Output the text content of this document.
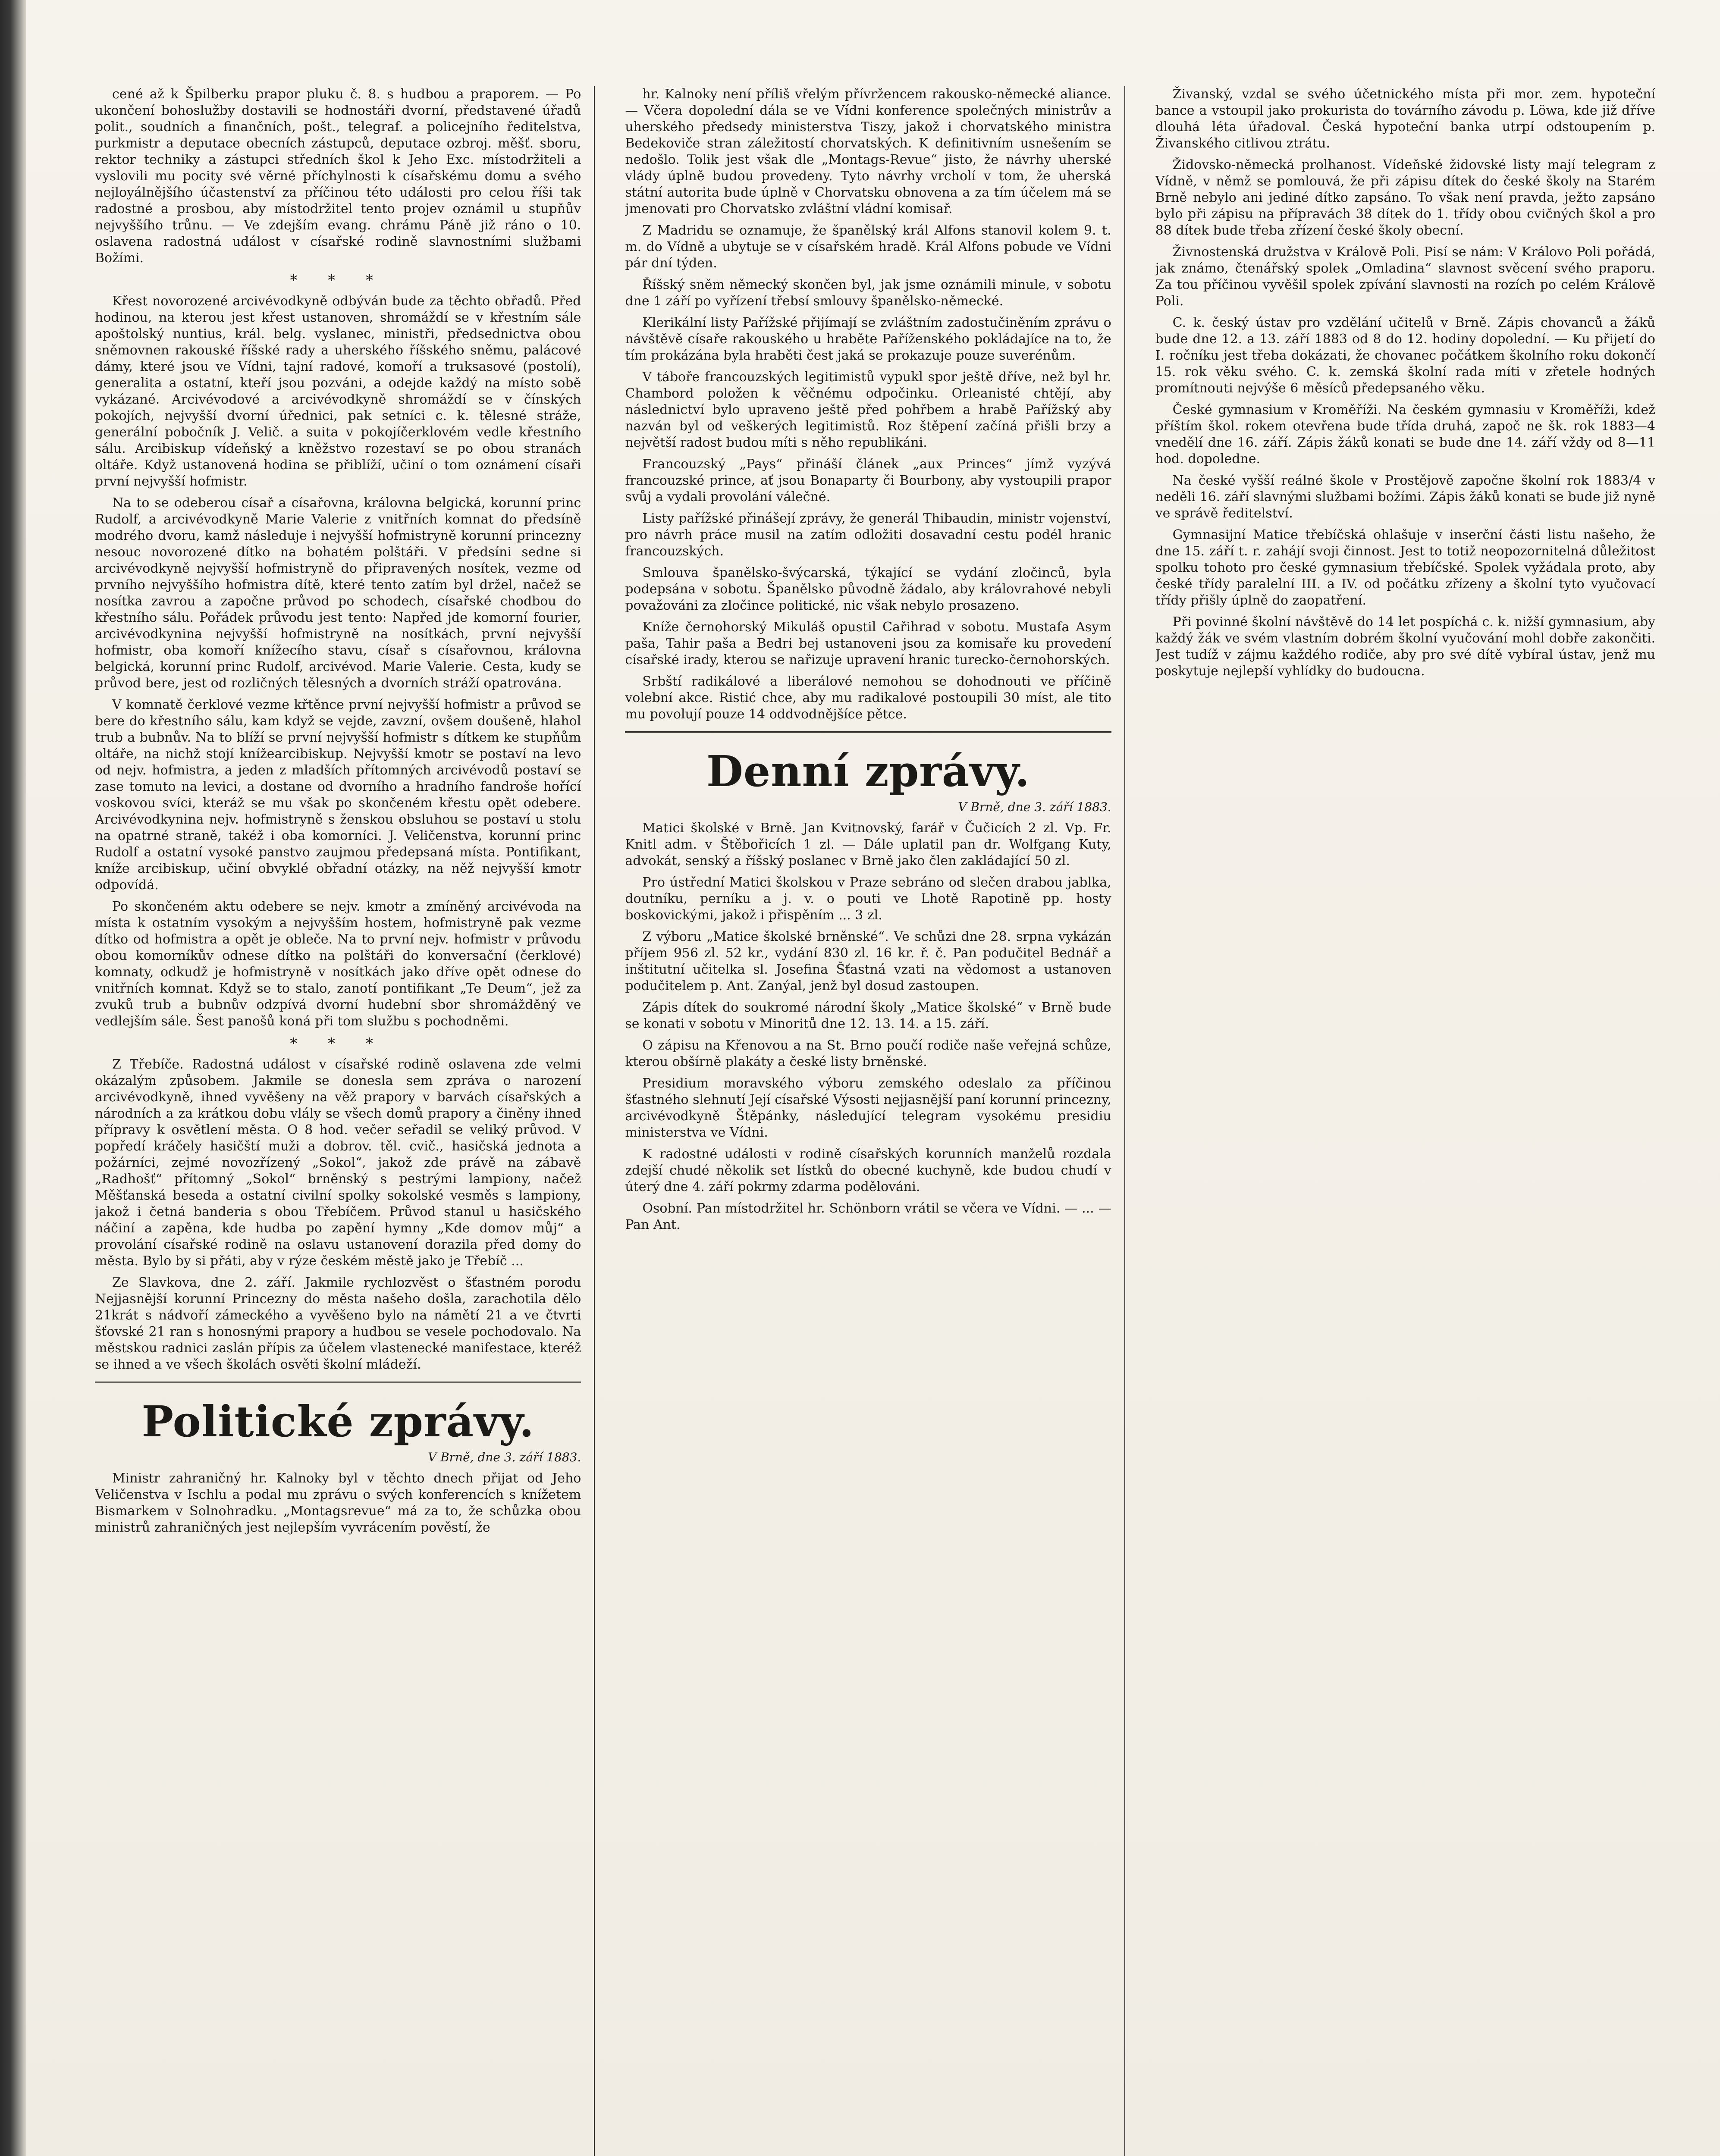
cené až k Špilberku prapor pluku č. 8. s hudbou a praporem. — Po ukončení bohoslužby dostavili se hodnostáři dvorní, představené úřadů polit., soudních a finančních, pošt., telegraf. a policejního ředitelstva, purkmistr a deputace obecních zástupců, deputace ozbroj. měšť. sboru, rektor techniky a zástupci středních škol k Jeho Exc. místodržiteli a vyslovili mu pocity své věrné příchylnosti k císařskému domu a svého nejloyálnějšího účastenství za příčinou této události pro celou říši tak radostné a prosbou, aby místodržitel tento projev oznámil u stupňův nejvyššího trůnu. — Ve zdejším evang. chrámu Páně již ráno o 10. oslavena radostná událost v císařské rodině slavnostními službami Božími.

* * *

Křest novorozené arcivévodkyně odbýván bude za těchto obřadů. Před hodinou, na kterou jest křest ustanoven, shromáždí se v křestním sále apoštolský nuntius, král. belg. vyslanec, ministři, předsednictva obou sněmovnen rakouské říšské rady a uherského říšského sněmu, palácové dámy, které jsou ve Vídni, tajní radové, komoří a truksasové (postolí), generalita a ostatní, kteří jsou pozváni, a odejde každý na místo sobě vykázané. Arcivévodové a arcivévodkyně shromáždí se v čínských pokojích, nejvyšší dvorní úřednici, pak setníci c. k. tělesné stráže, generální pobočník J. Velič. a suita v pokojíčerklovém vedle křestního sálu. Arcibiskup vídeňský a kněžstvo rozestaví se po obou stranách oltáře. Když ustanovená hodina se přiblíží, učiní o tom oznámení císaři první nejvyšší hofmistr.

Na to se odeberou císař a císařovna, královna belgická, korunní princ Rudolf, a arcivévodkyně Marie Valerie z vnitřních komnat do předsíně modrého dvoru, kamž následuje i nejvyšší hofmistryně korunní princezny nesouc novorozené dítko na bohatém polštáři. V předsíni sedne si arcivévodkyně nejvyšší hofmistryně do připravených nosítek, vezme od prvního nejvyššího hofmistra dítě, které tento zatím byl držel, načež se nosítka zavrou a započne průvod po schodech, císařské chodbou do křestního sálu. Pořádek průvodu jest tento: Napřed jde komorní fourier, arcivévodkynina nejvyšší hofmistryně na nosítkách, první nejvyšší hofmistr, oba komoří knížecího stavu, císař s císařovnou, královna belgická, korunní princ Rudolf, arcivévod. Marie Valerie. Cesta, kudy se průvod bere, jest od rozličných tělesných a dvorních stráží opatrována.

V komnatě čerklové vezme křtěnce první nejvyšší hofmistr a průvod se bere do křestního sálu, kam když se vejde, zavzní, ovšem doušeně, hlahol trub a bubnův. Na to blíží se první nejvyšší hofmistr s dítkem ke stupňům oltáře, na nichž stojí knížearcibiskup. Nejvyšší kmotr se postaví na levo od nejv. hofmistra, a jeden z mladších přítomných arcivévodů postaví se zase tomuto na levici, a dostane od dvorního a hradního fandroše hořící voskovou svíci, kteráž se mu však po skončeném křestu opět odebere. Arcivévodkynina nejv. hofmistryně s ženskou obsluhou se postaví u stolu na opatrné straně, takéž i oba komorníci. J. Veličenstva, korunní princ Rudolf a ostatní vysoké panstvo zaujmou předepsaná místa. Pontifikant, kníže arcibiskup, učiní obvyklé obřadní otázky, na něž nejvyšší kmotr odpovídá.

Po skončeném aktu odebere se nejv. kmotr a zmíněný arcivévoda na místa k ostatním vysokým a nejvyšším hostem, hofmistryně pak vezme dítko od hofmistra a opět je obleče. Na to první nejv. hofmistr v průvodu obou komorníkův odnese dítko na polštáři do konversační (čerklové) komnaty, odkudž je hofmistryně v nosítkách jako dříve opět odnese do vnitřních komnat. Když se to stalo, zanotí pontifikant „Te Deum“, jež za zvuků trub a bubnův odzpívá dvorní hudební sbor shromážděný ve vedlejším sále. Šest panošů koná při tom službu s pochodněmi.

* * *

Z Třebíče. Radostná událost v císařské rodině oslavena zde velmi okázalým způsobem. Jakmile se donesla sem zpráva o narození arcivévodkyně, ihned vyvěšeny na věž prapory v barvách císařských a národních a za krátkou dobu vlály se všech domů prapory a činěny ihned přípravy k osvětlení města. O 8 hod. večer seřadil se veliký průvod. V popředí kráčely hasičští muži a dobrov. těl. cvič., hasičská jednota a požárníci, zejmé novozřízený „Sokol“, jakož zde právě na zábavě „Radhošť“ přítomný „Sokol“ brněnský s pestrými lampiony, načež Měšťanská beseda a ostatní civilní spolky sokolské vesměs s lampiony, jakož i četná banderia s obou Třebíčem. Průvod stanul u hasičského náčiní a zapěna, kde hudba po zapění hymny „Kde domov můj“ a provolání císařské rodině na oslavu ustanovení dorazila před domy do města. Bylo by si přáti, aby v rýze českém městě jako je Třebíč ...

Ze Slavkova, dne 2. září. Jakmile rychlozvěst o šťastném porodu Nejjasnější korunní Princezny do města našeho došla, zarachotila dělo 21krát s nádvoří zámeckého a vyvěšeno bylo na námětí 21 a ve čtvrti šťovské 21 ran s honosnými prapory a hudbou se vesele pochodovalo. Na městskou radnici zaslán přípis za účelem vlastenecké manifestace, kteréž se ihned a ve všech školách osvěti školní mládeží.

Politické zprávy.
V Brně, dne 3. září 1883.

Ministr zahraničný hr. Kalnoky byl v těchto dnech přijat od Jeho Veličenstva v Ischlu a podal mu zprávu o svých konferencích s knížetem Bismarkem v Solnohradku. „Montagsrevue“ má za to, že schůzka obou ministrů zahraničných jest nejlepším vyvrácením pověstí, že

hr. Kalnoky není příliš vřelým přívržencem rakousko-německé aliance. — Včera dopolední dála se ve Vídni konference společných ministrův a uherského předsedy ministerstva Tiszy, jakož i chorvatského ministra Bedekoviče stran záležitostí chorvatských. K definitivním usnešením se nedošlo. Tolik jest však dle „Montags-Revue“ jisto, že návrhy uherské vlády úplně budou provedeny. Tyto návrhy vrcholí v tom, že uherská státní autorita bude úplně v Chorvatsku obnovena a za tím účelem má se jmenovati pro Chorvatsko zvláštní vládní komisař.

Z Madridu se oznamuje, že španělský král Alfons stanovil kolem 9. t. m. do Vídně a ubytuje se v císařském hradě. Král Alfons pobude ve Vídni pár dní týden.

Říšský sněm německý skončen byl, jak jsme oznámili minule, v sobotu dne 1 září po vyřízení třebsí smlouvy španělsko-německé.

Klerikální listy Pařížské přijímají se zvláštním zadostučiněním zprávu o návštěvě císaře rakouského u hraběte Paříženského pokládajíce na to, že tím prokázána byla hraběti čest jaká se prokazuje pouze suverénům.

V táboře francouzských legitimistů vypukl spor ještě dříve, než byl hr. Chambord položen k věčnému odpočinku. Orleanisté chtějí, aby následnictví bylo upraveno ještě před pohřbem a hrabě Pařížský aby nazván byl od veškerých legitimistů. Roz štěpení začíná přišli brzy a největší radost budou míti s něho republikáni.

Francouzský „Pays“ přináší článek „aux Princes“ jímž vyzývá francouzské prince, ať jsou Bonaparty či Bourbony, aby vystoupili prapor svůj a vydali provolání válečné.

Listy pařížské přinášejí zprávy, že generál Thibaudin, ministr vojenství, pro návrh práce musil na zatím odložiti dosavadní cestu podél hranic francouzských.

Smlouva španělsko-švýcarská, týkající se vydání zločinců, byla podepsána v sobotu. Španělsko původně žádalo, aby královrahové nebyli považováni za zločince politické, nic však nebylo prosazeno.

Kníže černohorský Mikuláš opustil Cařihrad v sobotu. Mustafa Asym paša, Tahir paša a Bedri bej ustanoveni jsou za komisaře ku provedení císařské irady, kterou se nařizuje upravení hranic turecko-černohorských.

Srbští radikálové a liberálové nemohou se dohodnouti ve příčině volební akce. Ristić chce, aby mu radikalové postoupili 30 míst, ale tito mu povolují pouze 14 oddvodnějšíce pětce.

Denní zprávy.
V Brně, dne 3. září 1883.

Matici školské v Brně. Jan Kvitnovský, farář v Čučicích 2 zl. Vp. Fr. Knitl adm. v Štěbořicích 1 zl. — Dále uplatil pan dr. Wolfgang Kuty, advokát, senský a říšský poslanec v Brně jako člen zakládající 50 zl.

Pro ústřední Matici školskou v Praze sebráno od slečen drabou jablka, doutníku, perníku a j. v. o pouti ve Lhotě Rapotině pp. hosty boskovickými, jakož i přispěním ... 3 zl.

Z výboru „Matice školské brněnské“. Ve schůzi dne 28. srpna vykázán příjem 956 zl. 52 kr., vydání 830 zl. 16 kr. ř. č. Pan podučitel Bednář a inštitutní učitelka sl. Josefina Šťastná vzati na vědomost a ustanoven podučitelem p. Ant. Zanýal, jenž byl dosud zastoupen.

Zápis dítek do soukromé národní školy „Matice školské“ v Brně bude se konati v sobotu v Minoritů dne 12. 13. 14. a 15. září.

O zápisu na Křenovou a na St. Brno poučí rodiče naše veřejná schůze, kterou obšírně plakáty a české listy brněnské.

Presidium moravského výboru zemského odeslalo za příčinou šťastného slehnutí Její císařské Výsosti nejjasnější paní korunní princezny, arcivévodkyně Štěpánky, následující telegram vysokému presidiu ministerstva ve Vídni.

K radostné události v rodině císařských korunních manželů rozdala zdejší chudé několik set lístků do obecné kuchyně, kde budou chudí v úterý dne 4. září pokrmy zdarma podělováni.

Osobní. Pan místodržitel hr. Schönborn vrátil se včera ve Vídni. — ... — Pan Ant.

Živanský, vzdal se svého účetnického místa při mor. zem. hypoteční bance a vstoupil jako prokurista do továrního závodu p. Löwa, kde již dříve dlouhá léta úřadoval. Česká hypoteční banka utrpí odstoupením p. Živanského citlivou ztrátu.

Židovsko-německá prolhanost. Vídeňské židovské listy mají telegram z Vídně, v němž se pomlouvá, že při zápisu dítek do české školy na Starém Brně nebylo ani jediné dítko zapsáno. To však není pravda, ježto zapsáno bylo při zápisu na přípravách 38 dítek do 1. třídy obou cvičných škol a pro 88 dítek bude třeba zřízení české školy obecní.

Živnostenská družstva v Králově Poli. Pisí se nám: V Královo Poli pořádá, jak známo, čtenářský spolek „Omladina“ slavnost svěcení svého praporu. Za tou příčinou vyvěšil spolek zpívání slavnosti na rozích po celém Králově Poli.

C. k. český ústav pro vzdělání učitelů v Brně. Zápis chovanců a žáků bude dne 12. a 13. září 1883 od 8 do 12. hodiny dopolední. — Ku přijetí do I. ročníku jest třeba dokázati, že chovanec počátkem školního roku dokončí 15. rok věku svého. C. k. zemská školní rada míti v zřetele hodných promítnouti nejvýše 6 měsíců předepsaného věku.

České gymnasium v Kroměříži. Na českém gymnasiu v Kroměříži, kdež příštím škol. rokem otevřena bude třída druhá, započ ne šk. rok 1883—4 vnedělí dne 16. září. Zápis žáků konati se bude dne 14. září vždy od 8—11 hod. dopoledne.

Na české vyšší reálné škole v Prostějově započne školní rok 1883/4 v neděli 16. září slavnými službami božími. Zápis žáků konati se bude již nyně ve správě ředitelství.

Gymnasijní Matice třebíčská ohlašuje v inserční části listu našeho, že dne 15. září t. r. zahájí svoji činnost. Jest to totiž neopozornitelná důležitost spolku tohoto pro české gymnasium třebíčské. Spolek vyžádala proto, aby české třídy paralelní III. a IV. od počátku zřízeny a školní tyto vyučovací třídy přišly úplně do zaopatření.

Při povinné školní návštěvě do 14 let pospíchá c. k. nižší gymnasium, aby každý žák ve svém vlastním dobrém školní vyučování mohl dobře zakončiti. Jest tudíž v zájmu každého rodiče, aby pro své dítě vybíral ústav, jenž mu poskytuje nejlepší vyhlídky do budoucna.
